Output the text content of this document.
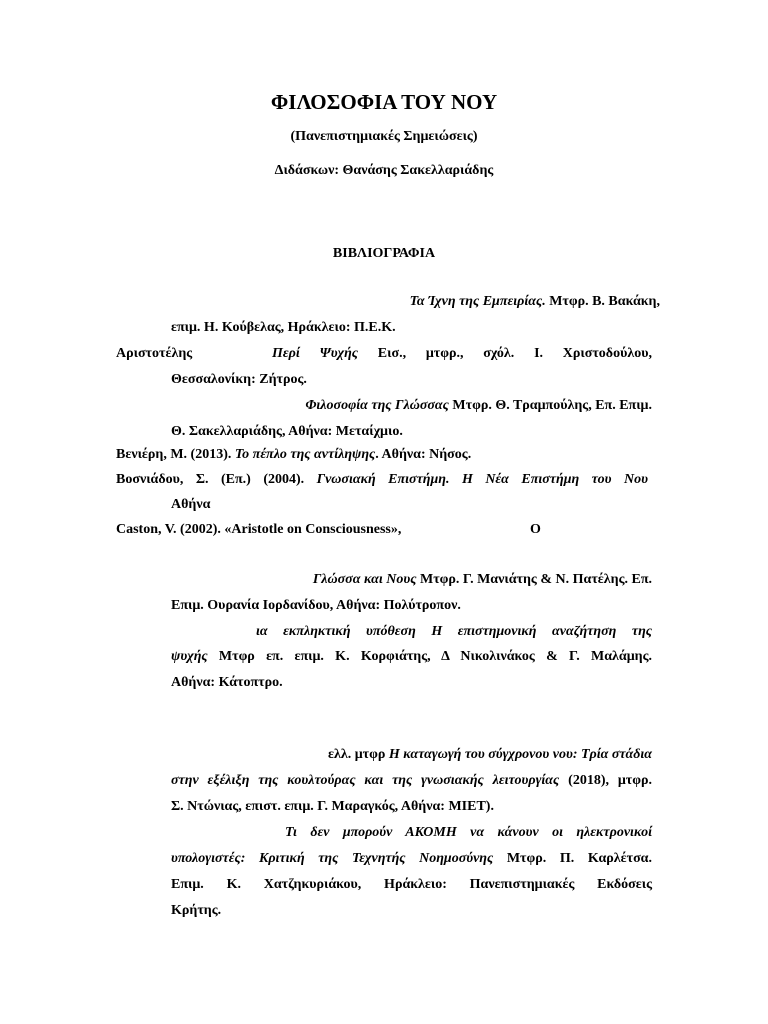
ΦΙΛΟΣΟΦΙΑ ΤΟΥ ΝΟΥ
(Πανεπιστημιακές Σημειώσεις)
Διδάσκων: Θανάσης Σακελλαριάδης
ΒΙΒΛΙΟΓΡΑΦΙΑ
Τα Ίχνη της Εμπειρίας. Μτφρ. Β. Βακάκη,
επιμ. Η. Κούβελας, Ηράκλειο: Π.Ε.Κ.
Αριστοτέλης	Περί Ψυχής Εισ., μτφρ., σχόλ. Ι. Χριστοδούλου,
Θεσσαλονίκη: Ζήτρος.
Φιλοσοφία της Γλώσσας Μτφρ. Θ. Τραμπούλης, Επ. Επιμ.
Θ. Σακελλαριάδης, Αθήνα: Μεταίχμιο.
Βενιέρη, Μ. (2013). Το πέπλο της αντίληψης. Αθήνα: Νήσος.
Βοσνιάδου, Σ. (Επ.) (2004). Γνωσιακή Επιστήμη. Η Νέα Επιστήμη του Νου
Αθήνα
Caston, V. (2002). «Aristotle on Consciousness»,	O
Γλώσσα και Νους Μτφρ. Γ. Μανιάτης & Ν. Πατέλης. Επ.
Επιμ. Ουρανία Ιορδανίδου, Αθήνα: Πολύτροπον.
ια εκπληκτική υπόθεση Η επιστημονική αναζήτηση της
ψυχής Μτφρ επ. επιμ. Κ. Κορφιάτης, Δ Νικολινάκος & Γ. Μαλάμης.
Αθήνα: Κάτοπτρο.
ελλ. μτφρ Η καταγωγή του σύγχρονου νου: Τρία στάδια
στην εξέλιξη της κουλτούρας και της γνωσιακής λειτουργίας (2018), μτφρ.
Σ. Ντώνιας, επιστ. επιμ. Γ. Μαραγκός, Αθήνα: ΜΙΕΤ).
Τι δεν μπορούν ΑΚΟΜΗ να κάνουν οι ηλεκτρονικοί
υπολογιστές: Κριτική της Τεχνητής Νοημοσύνης Μτφρ. Π. Καρλέτσα.
Επιμ. Κ. Χατζηκυριάκου, Ηράκλειο: Πανεπιστημιακές Εκδόσεις
Κρήτης.
